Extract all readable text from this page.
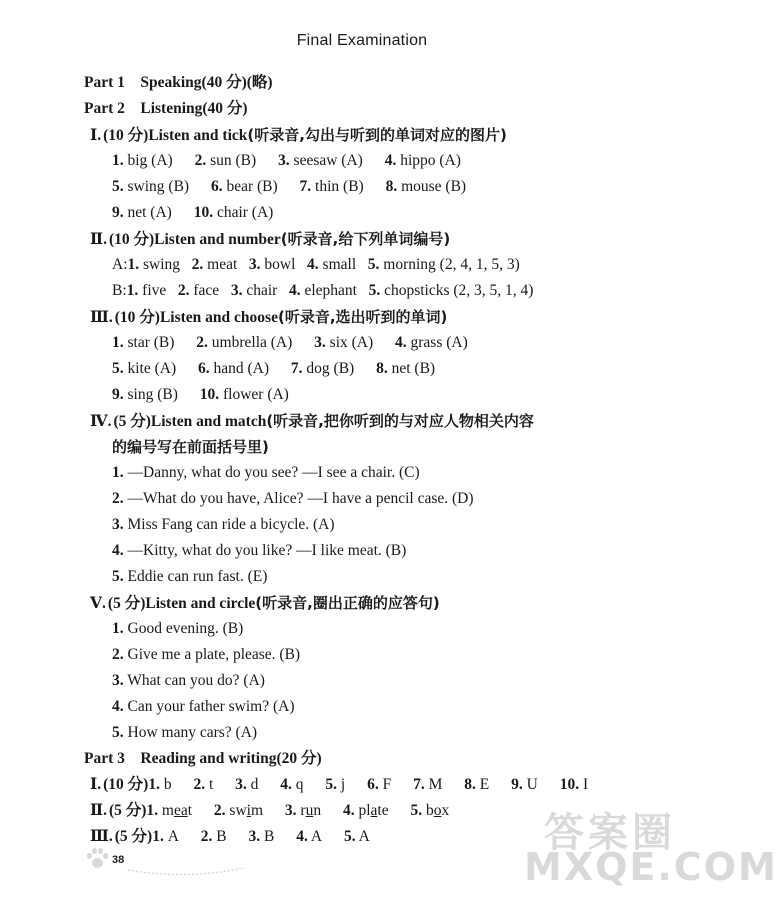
Final Examination
Part 1 Speaking(40 分)(略)
Part 2 Listening(40 分)
Ⅰ. (10 分)Listen and tick(听录音,勾出与听到的单词对应的图片)
1. big (A) 2. sun (B) 3. seesaw (A) 4. hippo (A)
5. swing (B) 6. bear (B) 7. thin (B) 8. mouse (B)
9. net (A) 10. chair (A)
Ⅱ. (10 分)Listen and number(听录音,给下列单词编号)
A:1. swing 2. meat 3. bowl 4. small 5. morning (2, 4, 1, 5, 3)
B:1. five 2. face 3. chair 4. elephant 5. chopsticks (2, 3, 5, 1, 4)
Ⅲ. (10 分)Listen and choose(听录音,选出听到的单词)
1. star (B) 2. umbrella (A) 3. six (A) 4. grass (A)
5. kite (A) 6. hand (A) 7. dog (B) 8. net (B)
9. sing (B) 10. flower (A)
Ⅳ. (5 分)Listen and match(听录音,把你听到的与对应人物相关内容
的编号写在前面括号里)
1. —Danny, what do you see? —I see a chair. (C)
2. —What do you have, Alice? —I have a pencil case. (D)
3. Miss Fang can ride a bicycle. (A)
4. —Kitty, what do you like? —I like meat. (B)
5. Eddie can run fast. (E)
Ⅴ. (5 分)Listen and circle(听录音,圈出正确的应答句)
1. Good evening. (B)
2. Give me a plate, please. (B)
3. What can you do? (A)
4. Can your father swim? (A)
5. How many cars? (A)
Part 3 Reading and writing(20 分)
Ⅰ. (10 分)1. b 2. t 3. d 4. q 5. j 6. F 7. M 8. E 9. U 10. I
Ⅱ. (5 分)1. meat 2. swim 3. run 4. plate 5. box
Ⅲ. (5 分)1. A 2. B 3. B 4. A 5. A
38
答案圈
MXQE.COM
